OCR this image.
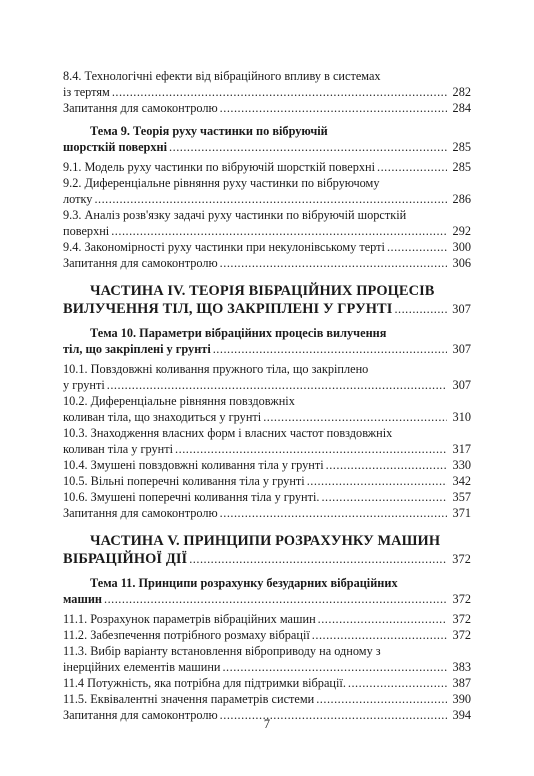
8.4. Технологічні ефекти від вібраційного впливу в системах
із тертям .....	282
Запитання для самоконтролю .....	284
Тема 9. Теорія руху частинки по вібруючій
шорсткій поверхні .....	285
9.1. Модель руху частинки по вібруючій шорсткій поверхні .....	285
9.2. Диференціальне рівняння руху частинки по вібруючому
лотку .....	286
9.3. Аналіз розв'язку задачі руху частинки по вібруючій шорсткій
поверхні .....	292
9.4. Закономірності руху частинки при некулонівському терті .....	300
Запитання для самоконтролю .....	306
ЧАСТИНА IV. ТЕОРІЯ ВІБРАЦІЙНИХ ПРОЦЕСІВ
ВИЛУЧЕННЯ ТІЛ, ЩО ЗАКРІПЛЕНІ У ГРУНТІ .....	307
Тема 10. Параметри вібраційних процесів вилучення
тіл, що закріплені у грунті .....	307
10.1. Повздовжні коливання пружного тіла, що закріплено
у грунті .....	307
10.2. Диференціальне рівняння повздовжніх
коливан тіла, що знаходиться у грунті .....	310
10.3. Знаходження власних форм і власних частот повздовжніх
коливан тіла у грунті .....	317
10.4. Змушені повздовжні коливання тіла у грунті .....	330
10.5. Вільні поперечні коливання тіла у грунті .....	342
10.6. Змушені поперечні коливання тіла у грунті. .....	357
Запитання для самоконтролю .....	371
ЧАСТИНА V. ПРИНЦИПИ РОЗРАХУНКУ МАШИН
ВІБРАЦІЙНОЇ ДІЇ .....	372
Тема 11. Принципи розрахунку безударних вібраційних
машин .....	372
11.1. Розрахунок параметрів вібраційних машин .....	372
11.2. Забезпечення потрібного розмаху вібрації .....	372
11.3. Вибір варіанту встановлення віброприводу на одному з
інерційних елементів машини .....	383
11.4 Потужність, яка потрібна для підтримки вібрації. .....	387
11.5. Еквівалентні значення параметрів системи .....	390
Запитання для самоконтролю .....	394
7
